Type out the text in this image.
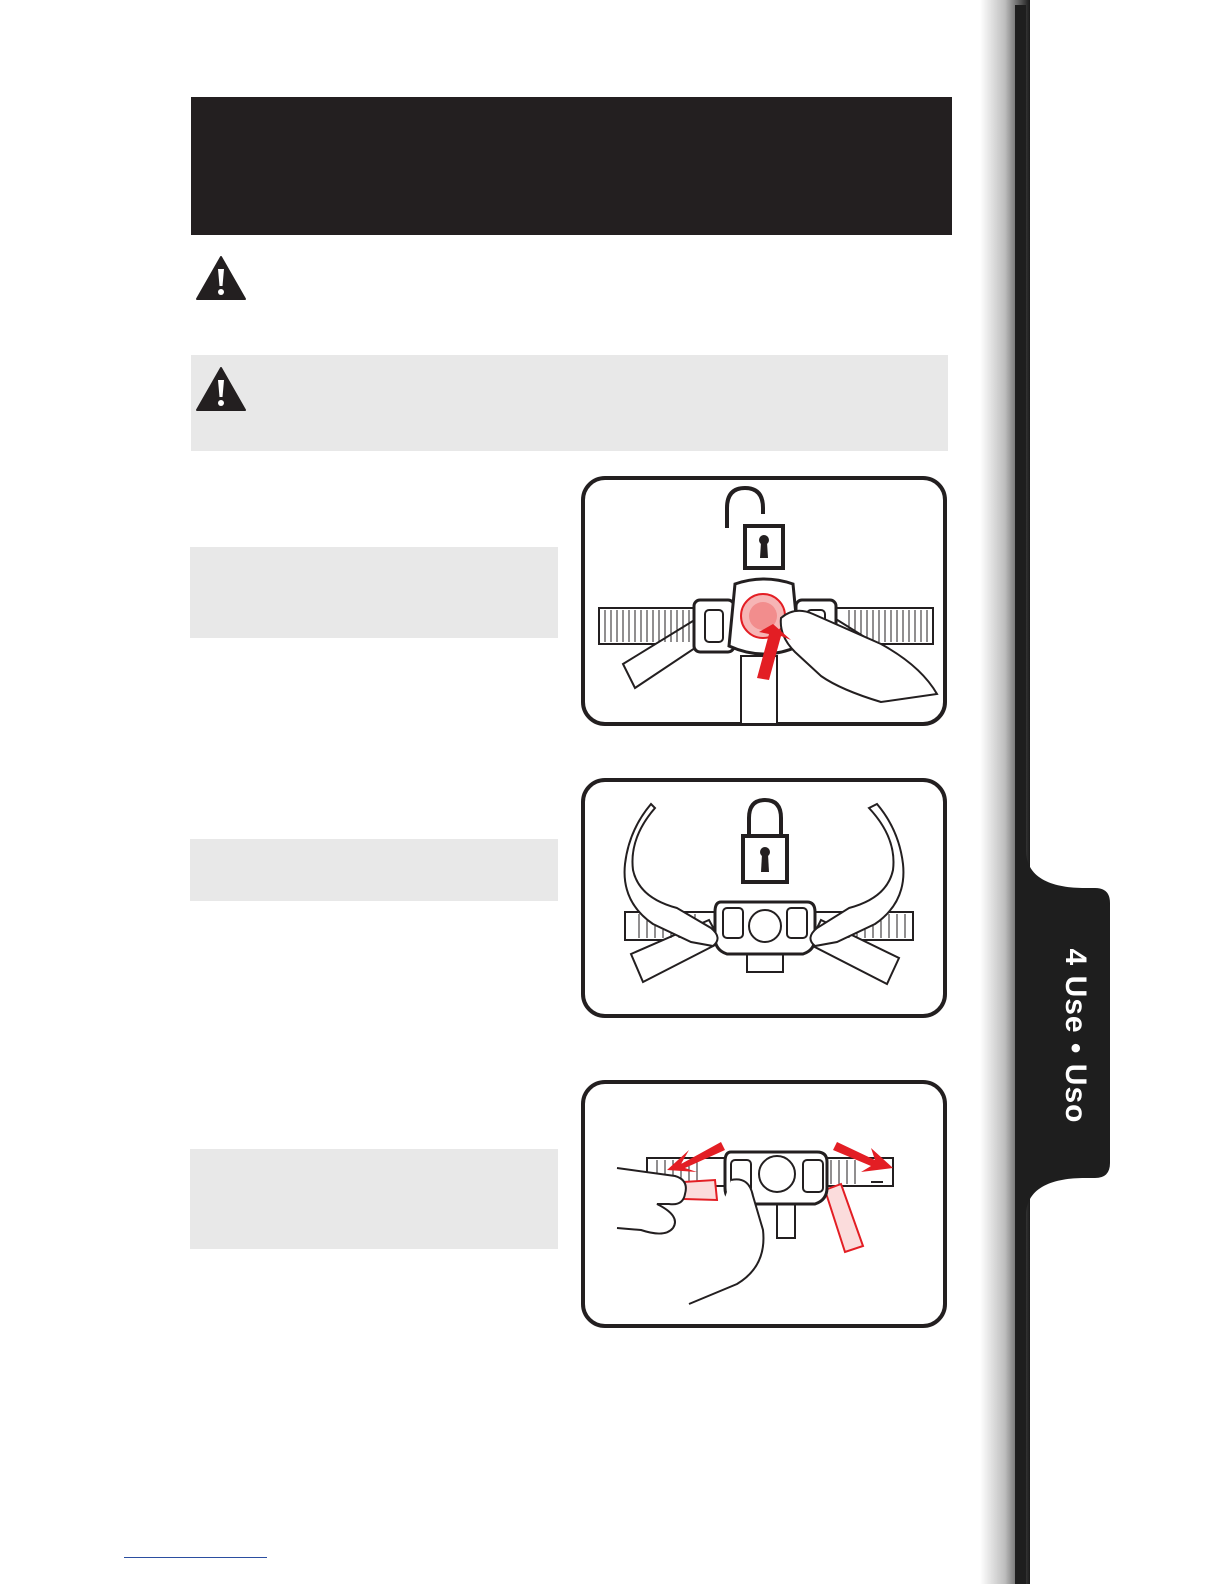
4 Use • Uso
